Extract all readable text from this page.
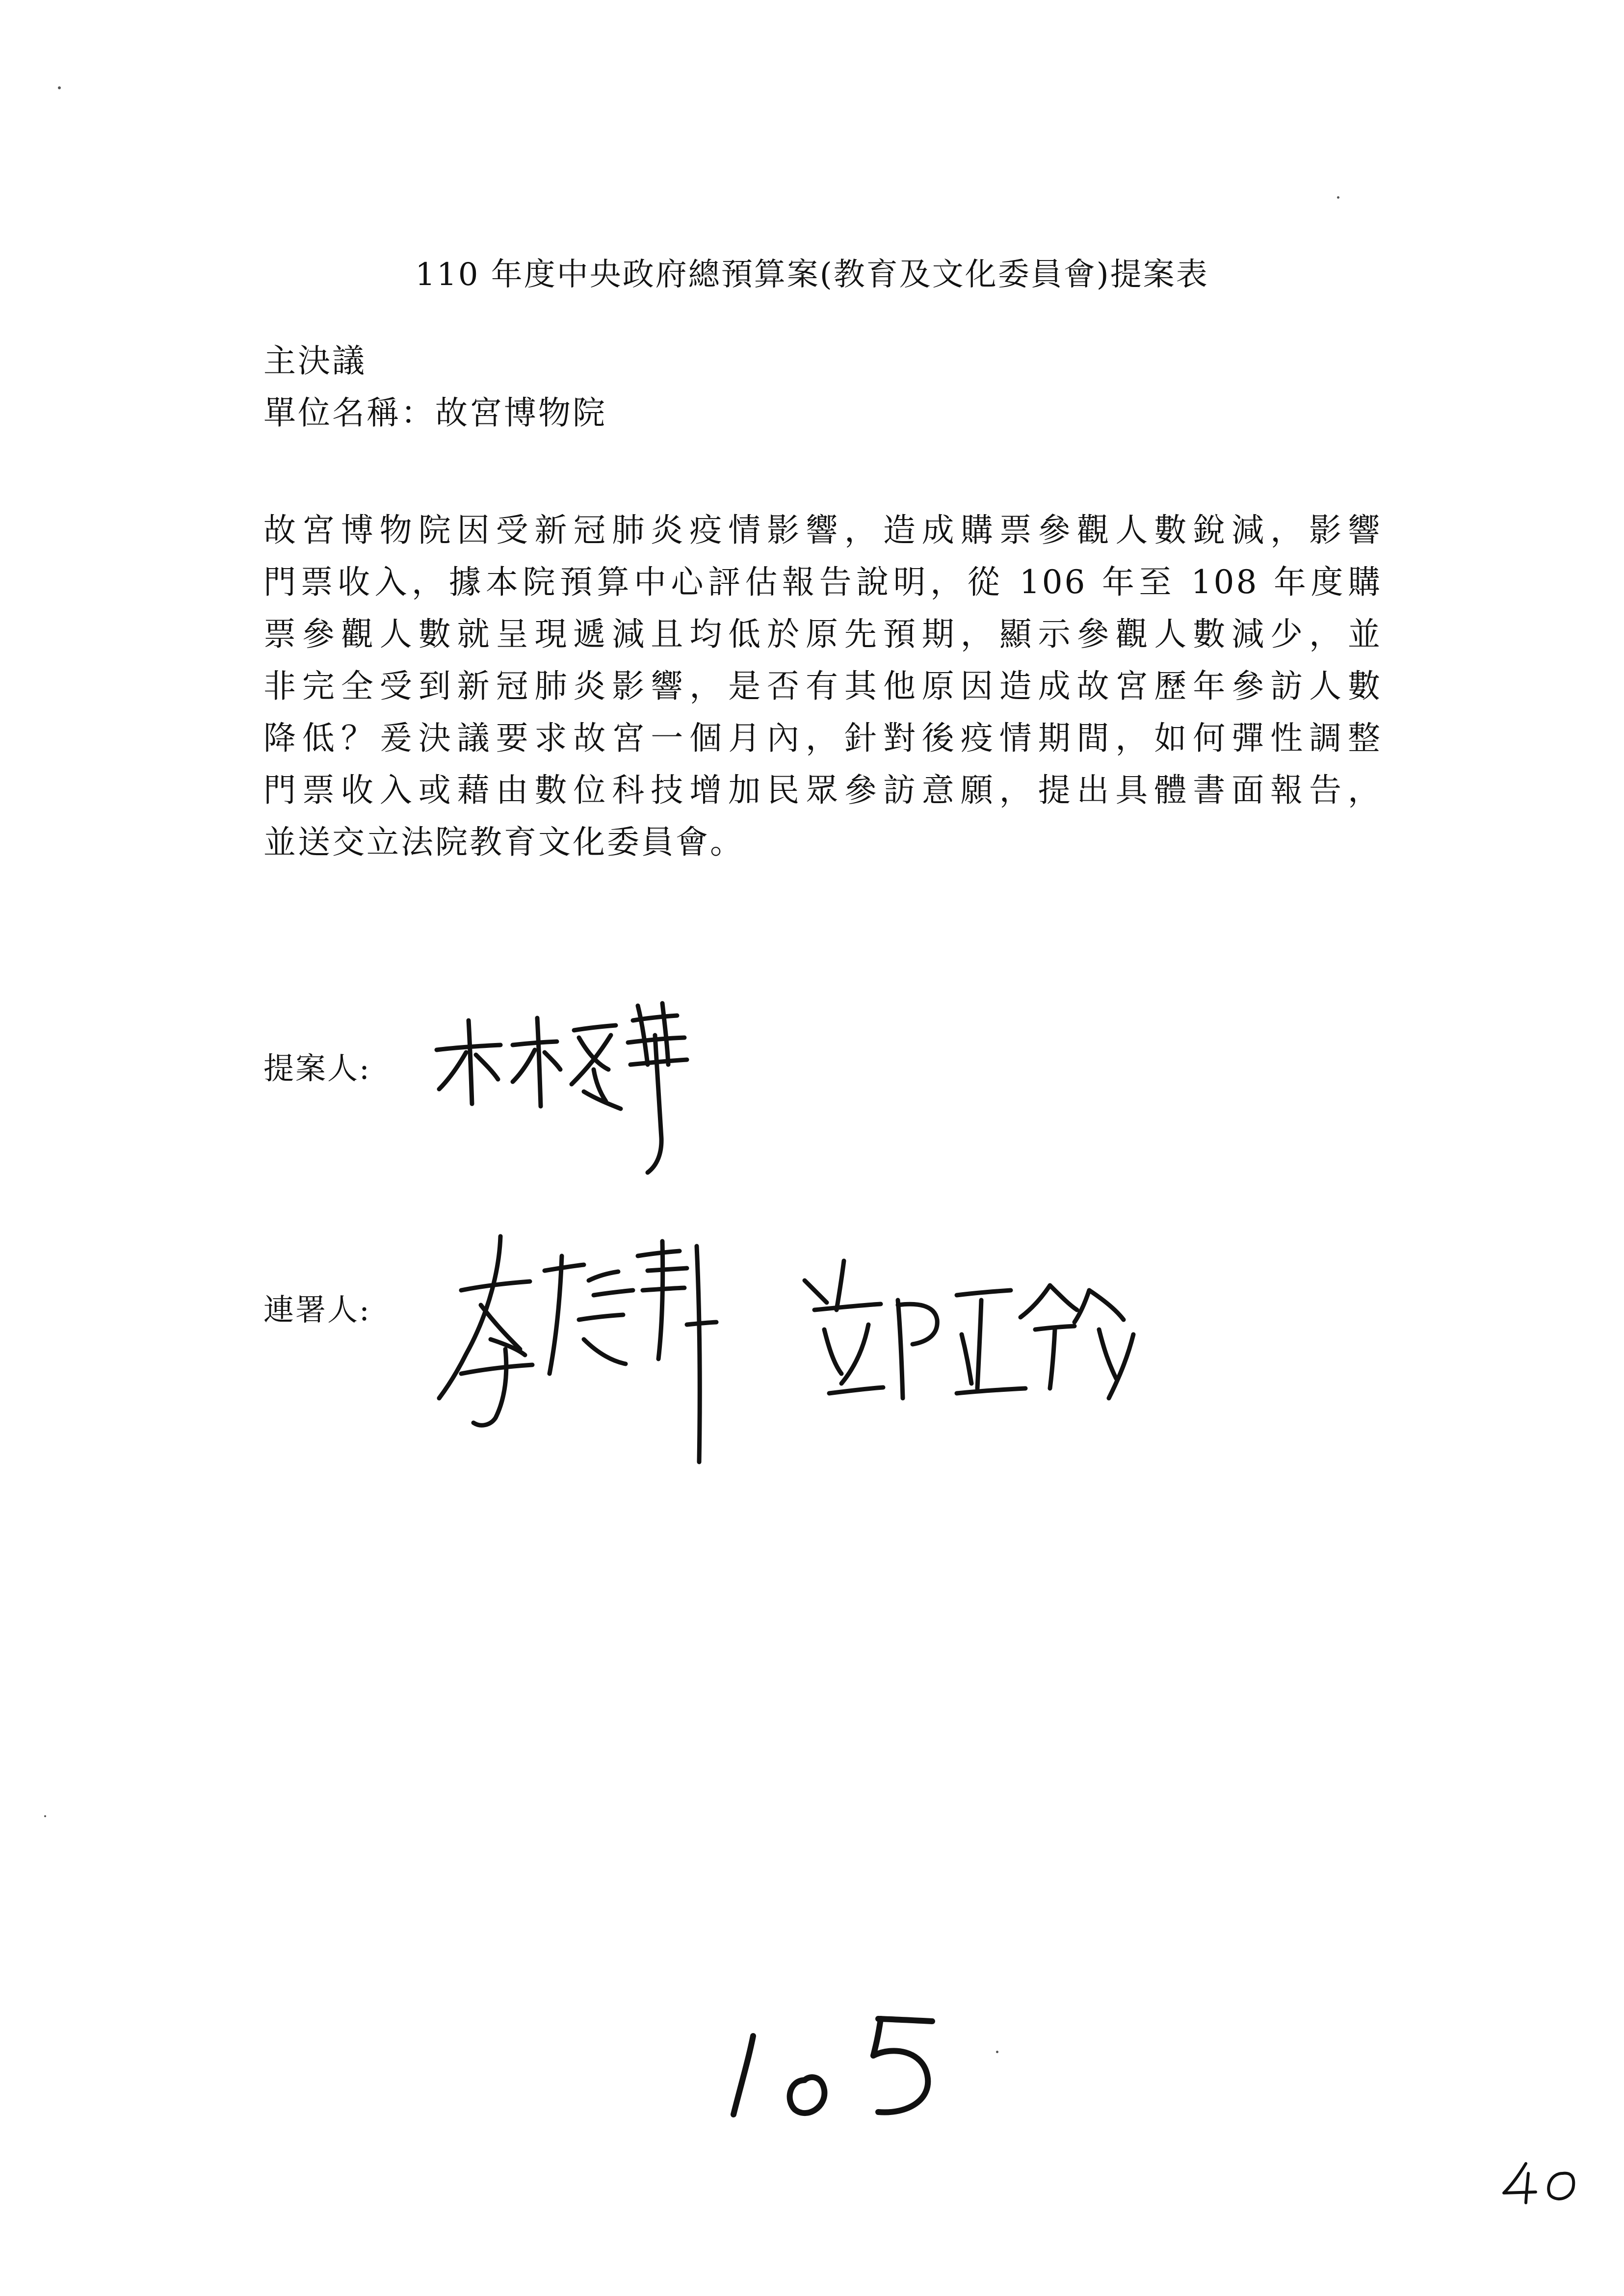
110 年度中央政府總預算案(教育及文化委員會)提案表
主決議
單位名稱：故宮博物院
故宮博物院因受新冠肺炎疫情影響，造成購票參觀人數銳減，影響
門票收入，據本院預算中心評估報告說明，從 106 年至 108 年度購
票參觀人數就呈現遞減且均低於原先預期，顯示參觀人數減少，並
非完全受到新冠肺炎影響，是否有其他原因造成故宮歷年參訪人數
降低？爰決議要求故宮一個月內，針對後疫情期間，如何彈性調整
門票收入或藉由數位科技增加民眾參訪意願，提出具體書面報告，
並送交立法院教育文化委員會。
提案人:
連署人:
